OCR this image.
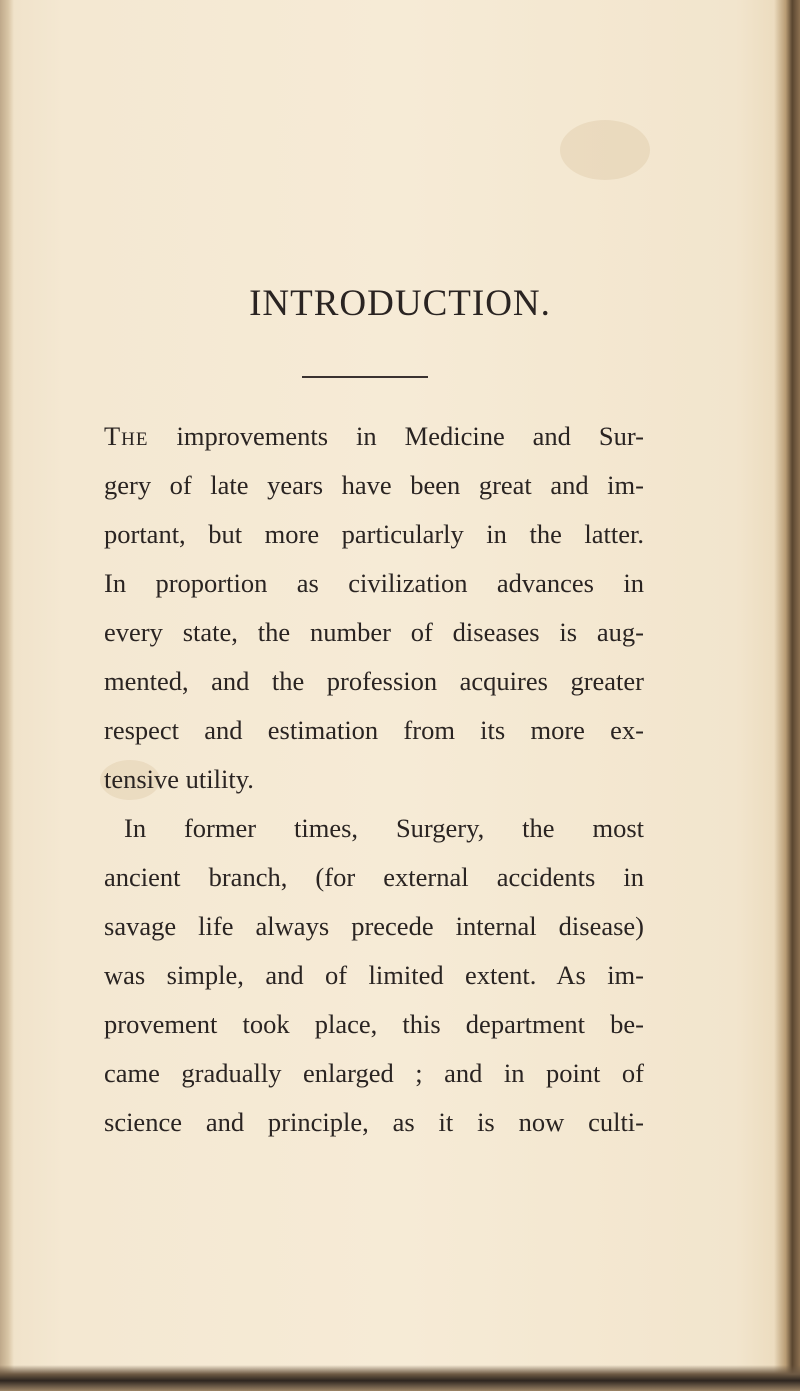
INTRODUCTION.
The improvements in Medicine and Sur-
gery of late years have been great and im-
portant, but more particularly in the latter.
In proportion as civilization advances in
every state, the number of diseases is aug-
mented, and the profession acquires greater
respect and estimation from its more ex-
tensive utility.
In former times, Surgery, the most
ancient branch, (for external accidents in
savage life always precede internal disease)
was simple, and of limited extent. As im-
provement took place, this department be-
came gradually enlarged ; and in point of
science and principle, as it is now culti-
